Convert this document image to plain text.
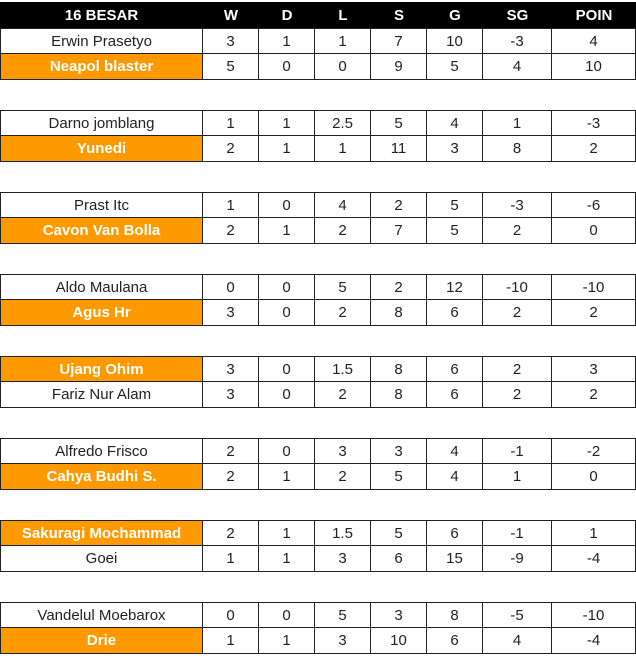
16 BESAR	W	D	L	S	G	SG	POIN
Erwin Prasetyo	3	1	1	7	10	-3	4
Neapol blaster	5	0	0	9	5	4	10
Darno jomblang	1	1	2.5	5	4	1	-3
Yunedi	2	1	1	11	3	8	2
Prast Itc	1	0	4	2	5	-3	-6
Cavon Van Bolla	2	1	2	7	5	2	0
Aldo Maulana	0	0	5	2	12	-10	-10
Agus Hr	3	0	2	8	6	2	2
Ujang Ohim	3	0	1.5	8	6	2	3
Fariz Nur Alam	3	0	2	8	6	2	2
Alfredo Frisco	2	0	3	3	4	-1	-2
Cahya Budhi S.	2	1	2	5	4	1	0
Sakuragi Mochammad	2	1	1.5	5	6	-1	1
Goei	1	1	3	6	15	-9	-4
Vandelul Moebarox	0	0	5	3	8	-5	-10
Drie	1	1	3	10	6	4	-4
